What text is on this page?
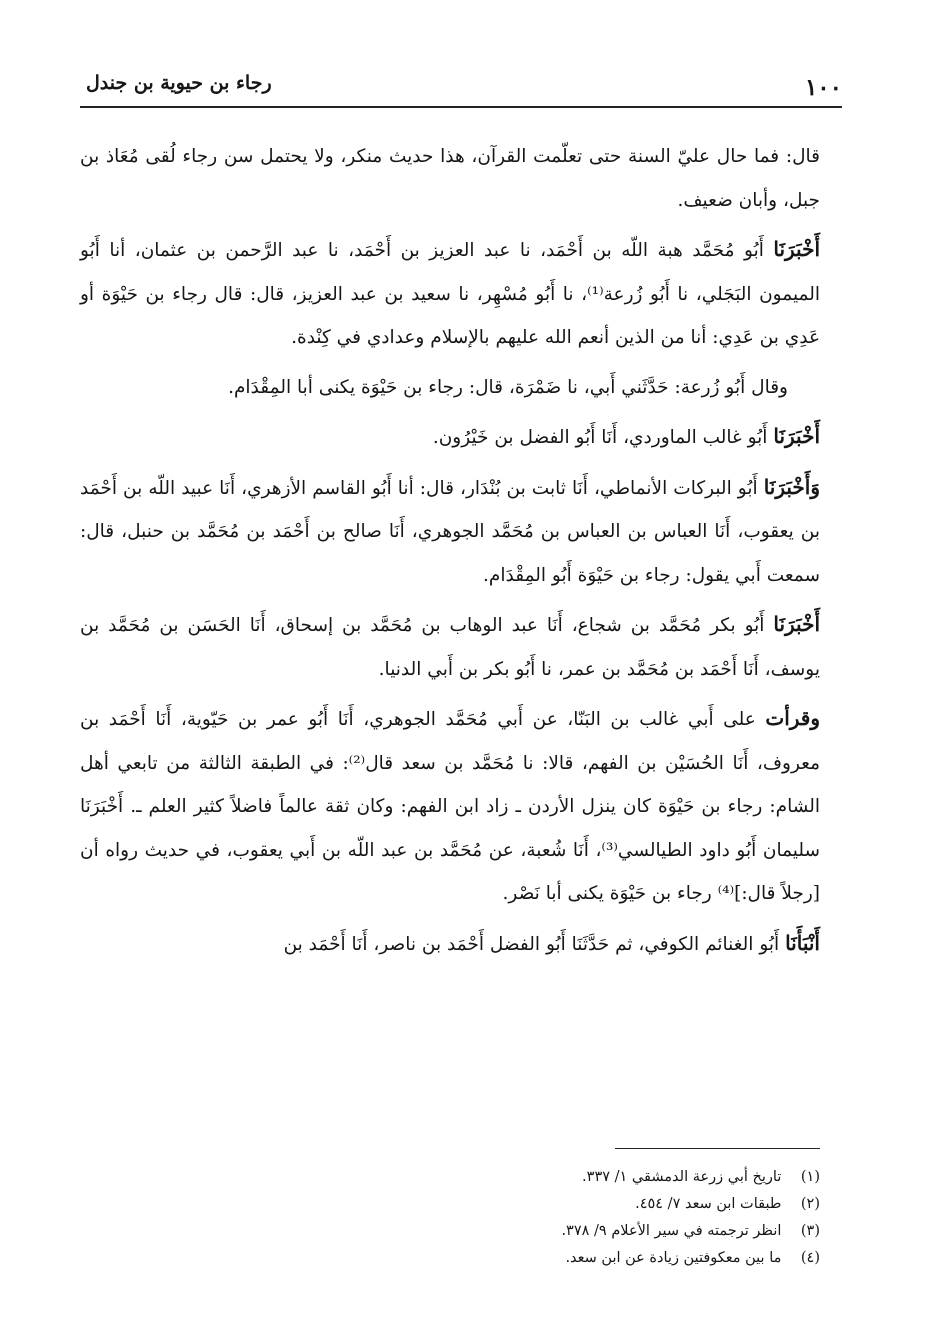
١٠٠
رجاء بن حيوية بن جندل

قال: فما حال عليّ السنة حتى تعلّمت القرآن، هذا حديث منكر، ولا يحتمل سن رجاء لُقى مُعَاذ بن جبل، وأبان ضعيف.

أَخْبَرَنَا أَبُو مُحَمَّد هبة اللّه بن أَحْمَد، نا عبد العزيز بن أَحْمَد، نا عبد الرَّحمن بن عثمان، أنا أَبُو الميمون البَجَلي، نا أَبُو زُرعة⁽¹⁾، نا أَبُو مُسْهِر، نا سعيد بن عبد العزيز، قال: قال رجاء بن حَيْوَة أو عَدِي بن عَدِي: أنا من الذين أنعم الله عليهم بالإسلام وعدادي في كِنْدة.

وقال أَبُو زُرعة: حَدَّثَني أَبي، نا ضَمْرَة، قال: رجاء بن حَيْوَة يكنى أبا المِقْدَام.

أَخْبَرَنَا أَبُو غالب الماوردي، أَنَا أَبُو الفضل بن خَيْرُون.

وَأَخْبَرَنَا أَبُو البركات الأنماطي، أَنَا ثابت بن بُنْدَار، قال: أنا أَبُو القاسم الأزهري، أَنَا عبيد اللّه بن أَحْمَد بن يعقوب، أَنَا العباس بن العباس بن مُحَمَّد الجوهري، أَنَا صالح بن أَحْمَد بن مُحَمَّد بن حنبل، قال: سمعت أَبي يقول: رجاء بن حَيْوَة أَبُو المِقْدَام.

أَخْبَرَنَا أَبُو بكر مُحَمَّد بن شجاع، أَنَا عبد الوهاب بن مُحَمَّد بن إسحاق، أَنَا الحَسَن بن مُحَمَّد بن يوسف، أَنَا أَحْمَد بن مُحَمَّد بن عمر، نا أَبُو بكر بن أَبي الدنيا.

وقرأت على أَبي غالب بن البَنّا، عن أَبي مُحَمَّد الجوهري، أَنَا أَبُو عمر بن حَيّوية، أَنَا أَحْمَد بن معروف، أَنَا الحُسَيْن بن الفهم، قالا: نا مُحَمَّد بن سعد قال⁽²⁾: في الطبقة الثالثة من تابعي أهل الشام: رجاء بن حَيْوَة كان ينزل الأردن ـ زاد ابن الفهم: وكان ثقة عالماً فاضلاً كثير العلم ـ. أَخْبَرَنَا سليمان أَبُو داود الطيالسي⁽³⁾، أَنَا شُعبة، عن مُحَمَّد بن عبد اللّه بن أَبي يعقوب، في حديث رواه أن [رجلاً قال:]⁽⁴⁾ رجاء بن حَيْوَة يكنى أبا نَصْر.

أَنْبَأَنَا أَبُو الغنائم الكوفي، ثم حَدَّثَنَا أَبُو الفضل أَحْمَد بن ناصر، أَنَا أَحْمَد بن

(١) تاريخ أبي زرعة الدمشقي ١/ ٣٣٧.
(٢) طبقات ابن سعد ٧/ ٤٥٤.
(٣) انظر ترجمته في سير الأعلام ٩/ ٣٧٨.
(٤) ما بين معكوفتين زيادة عن ابن سعد.
